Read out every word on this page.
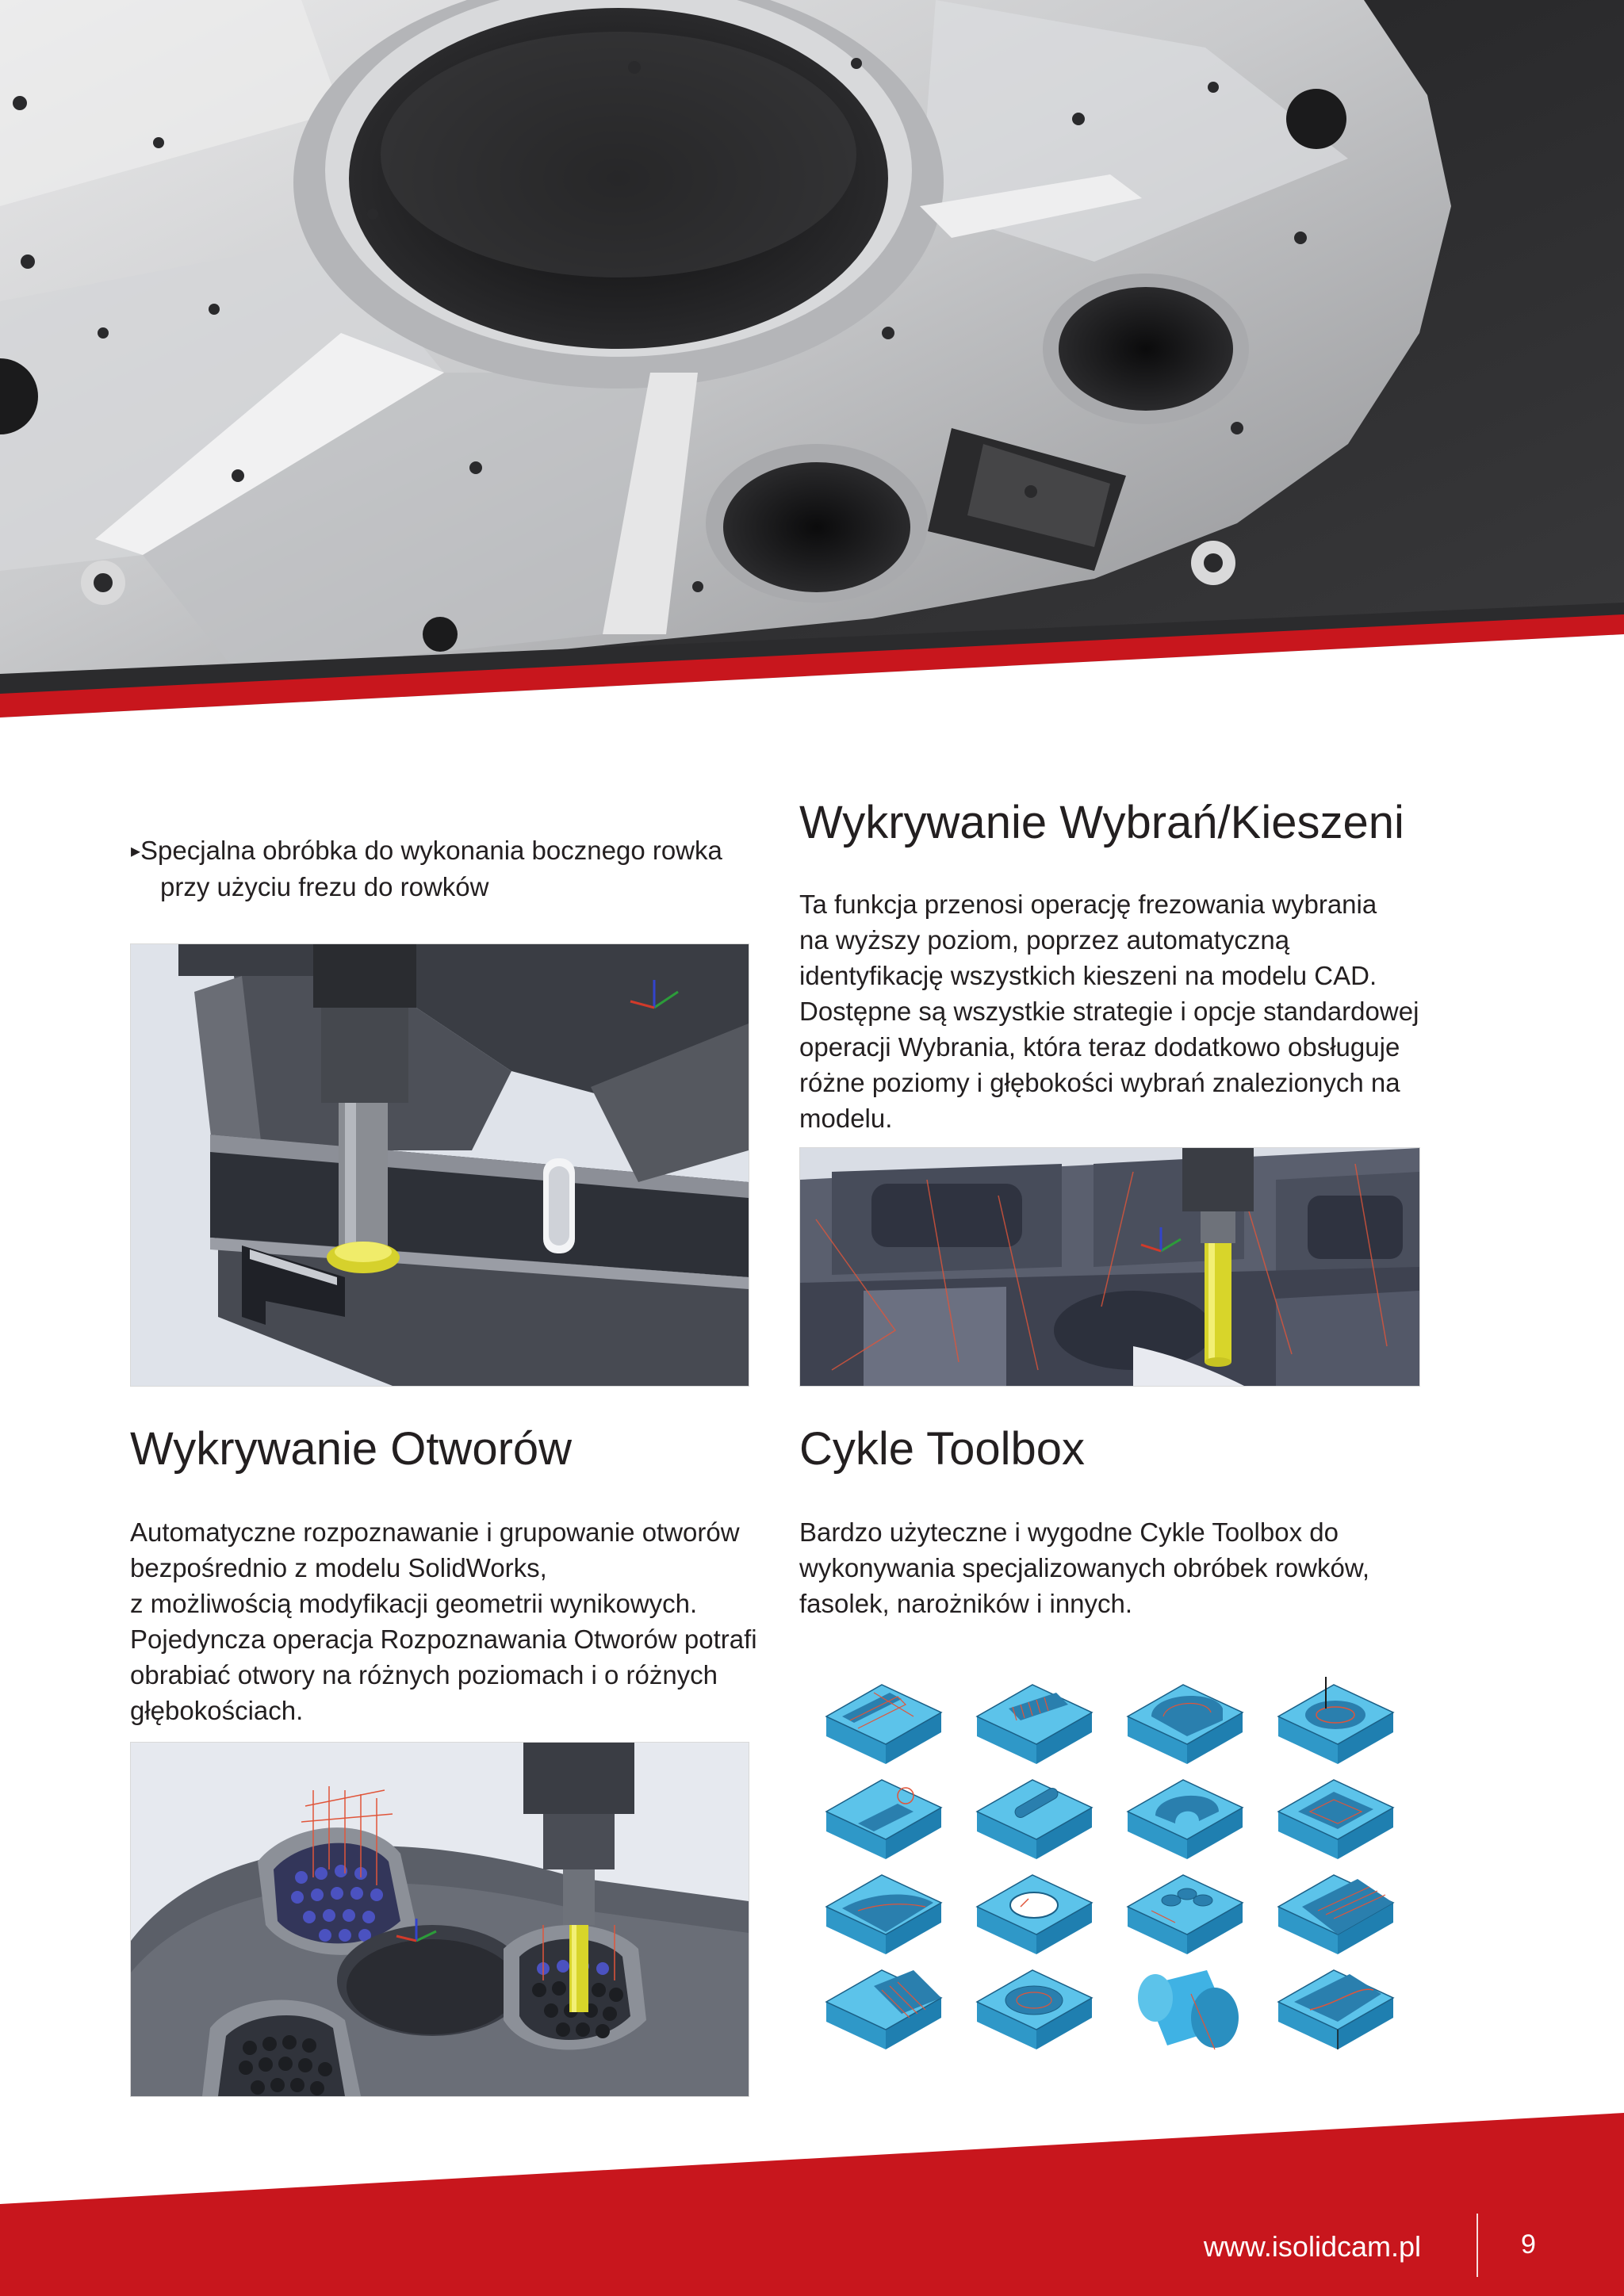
▸Specjalna obróbka do wykonania bocznego rowka
przy użyciu frezu do rowków
Wykrywanie Wybrań/Kieszeni
Ta funkcja przenosi operację frezowania wybrania
na wyższy poziom, poprzez automatyczną
identyfikację wszystkich kieszeni na modelu CAD.
Dostępne są wszystkie strategie i opcje standardowej
operacji Wybrania, która teraz dodatkowo obsługuje
różne poziomy i głębokości wybrań znalezionych na
modelu.
Wykrywanie Otworów
Automatyczne rozpoznawanie i grupowanie otworów
bezpośrednio z modelu SolidWorks,
z możliwością modyfikacji geometrii wynikowych.
Pojedyncza operacja Rozpoznawania Otworów potrafi
obrabiać otwory na różnych poziomach i o różnych
głębokościach.
Cykle Toolbox
Bardzo użyteczne i wygodne Cykle Toolbox do
wykonywania specjalizowanych obróbek rowków,
fasolek, narożników i innych.
www.isolidcam.pl	9
